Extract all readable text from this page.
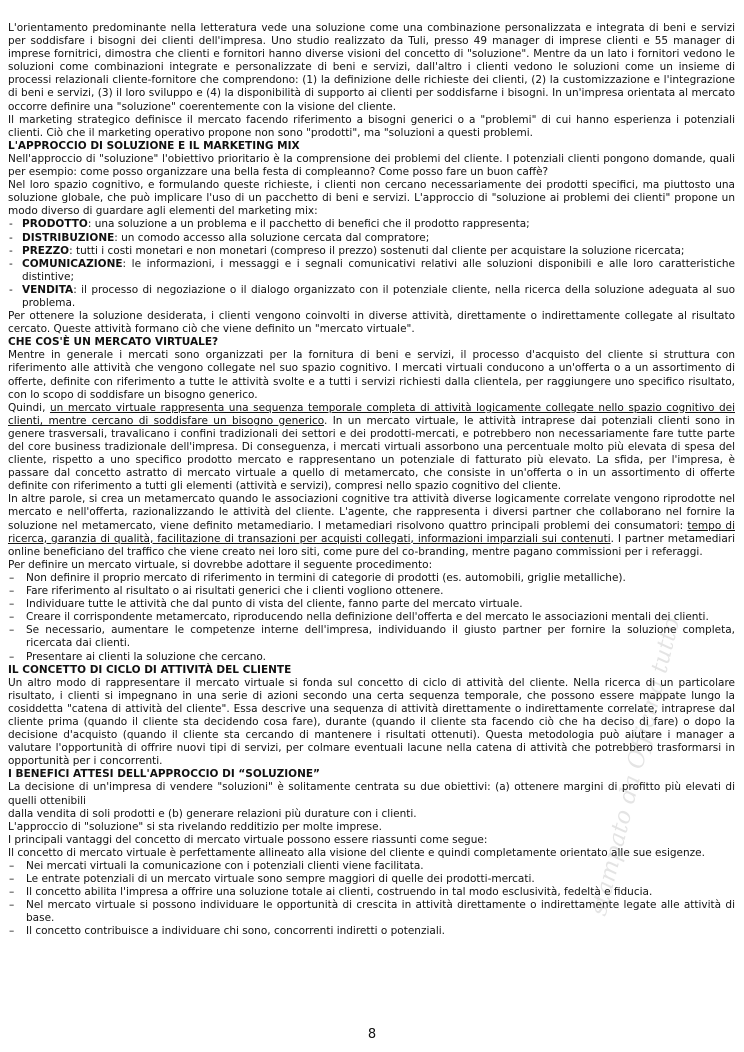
L'orientamento predominante nella letteratura vede una soluzione come una combinazione personalizzata e integrata di beni e servizi per soddisfare i bisogni dei clienti dell'impresa. Uno studio realizzato da Tuli, presso 49 manager di imprese clienti e 55 manager di imprese fornitrici, dimostra che clienti e fornitori hanno diverse visioni del concetto di "soluzione". Mentre da un lato i fornitori vedono le soluzioni come combinazioni integrate e personalizzate di beni e servizi, dall'altro i clienti vedono le soluzioni come un insieme di processi relazionali cliente-fornitore che comprendono: (1) la definizione delle richieste dei clienti, (2) la customizzazione e l'integrazione di beni e servizi, (3) il loro sviluppo e (4) la disponibilità di supporto ai clienti per soddisfarne i bisogni. In un'impresa orientata al mercato occorre definire una "soluzione" coerentemente con la visione del cliente.

Il marketing strategico definisce il mercato facendo riferimento a bisogni generici o a "problemi" di cui hanno esperienza i potenziali clienti. Ciò che il marketing operativo propone non sono "prodotti", ma "soluzioni a questi problemi.

L'APPROCCIO DI SOLUZIONE E IL MARKETING MIX

Nell'approccio di "soluzione" l'obiettivo prioritario è la comprensione dei problemi del cliente. I potenziali clienti pongono domande, quali per esempio: come posso organizzare una bella festa di compleanno? Come posso fare un buon caffè?

Nel loro spazio cognitivo, e formulando queste richieste, i clienti non cercano necessariamente dei prodotti specifici, ma piuttosto una soluzione globale, che può implicare l'uso di un pacchetto di beni e servizi. L'approccio di "soluzione ai problemi dei clienti" propone un modo diverso di guardare agli elementi del marketing mix:

- PRODOTTO: una soluzione a un problema e il pacchetto di benefici che il prodotto rappresenta;

- DISTRIBUZIONE: un comodo accesso alla soluzione cercata dal compratore;

- PREZZO: tutti i costi monetari e non monetari (compreso il prezzo) sostenuti dal cliente per acquistare la soluzione ricercata;

- COMUNICAZIONE: le informazioni, i messaggi e i segnali comunicativi relativi alle soluzioni disponibili e alle loro caratteristiche distintive;

- VENDITA: il processo di negoziazione o il dialogo organizzato con il potenziale cliente, nella ricerca della soluzione adeguata al suo problema.

Per ottenere la soluzione desiderata, i clienti vengono coinvolti in diverse attività, direttamente o indirettamente collegate al risultato cercato. Queste attività formano ciò che viene definito un "mercato virtuale".

CHE COS'È UN MERCATO VIRTUALE?

Mentre in generale i mercati sono organizzati per la fornitura di beni e servizi, il processo d'acquisto del cliente si struttura con riferimento alle attività che vengono collegate nel suo spazio cognitivo. I mercati virtuali conducono a un'offerta o a un assortimento di offerte, definite con riferimento a tutte le attività svolte e a tutti i servizi richiesti dalla clientela, per raggiungere uno specifico risultato, con lo scopo di soddisfare un bisogno generico.

Quindi, un mercato virtuale rappresenta una sequenza temporale completa di attività logicamente collegate nello spazio cognitivo dei clienti, mentre cercano di soddisfare un bisogno generico. In un mercato virtuale, le attività intraprese dai potenziali clienti sono in genere trasversali, travalicano i confini tradizionali dei settori e dei prodotti-mercati, e potrebbero non necessariamente fare tutte parte del core business tradizionale dell'impresa. Di conseguenza, i mercati virtuali assorbono una percentuale molto più elevata di spesa del cliente, rispetto a uno specifico prodotto mercato e rappresentano un potenziale di fatturato più elevato. La sfida, per l'impresa, è passare dal concetto astratto di mercato virtuale a quello di metamercato, che consiste in un'offerta o in un assortimento di offerte definite con riferimento a tutti gli elementi (attività e servizi), compresi nello spazio cognitivo del cliente.

In altre parole, si crea un metamercato quando le associazioni cognitive tra attività diverse logicamente correlate vengono riprodotte nel mercato e nell'offerta, razionalizzando le attività del cliente. L'agente, che rappresenta i diversi partner che collaborano nel fornire la soluzione nel metamercato, viene definito metamediario. I metamediari risolvono quattro principali problemi dei consumatori: tempo di ricerca, garanzia di qualità, facilitazione di transazioni per acquisti collegati, informazioni imparziali sui contenuti. I partner metamediari online beneficiano del traffico che viene creato nei loro siti, come pure del co-branding, mentre pagano commissioni per i referaggi.

Per definire un mercato virtuale, si dovrebbe adottare il seguente procedimento:

– Non definire il proprio mercato di riferimento in termini di categorie di prodotti (es. automobili, griglie metalliche).

– Fare riferimento al risultato o ai risultati generici che i clienti vogliono ottenere.

– Individuare tutte le attività che dal punto di vista del cliente, fanno parte del mercato virtuale.

– Creare il corrispondente metamercato, riproducendo nella definizione dell'offerta e del mercato le associazioni mentali dei clienti.

– Se necessario, aumentare le competenze interne dell'impresa, individuando il giusto partner per fornire la soluzione completa, ricercata dai clienti.

– Presentare ai clienti la soluzione che cercano.

IL CONCETTO DI CICLO DI ATTIVITÀ DEL CLIENTE

Un altro modo di rappresentare il mercato virtuale si fonda sul concetto di ciclo di attività del cliente. Nella ricerca di un particolare risultato, i clienti si impegnano in una serie di azioni secondo una certa sequenza temporale, che possono essere mappate lungo la cosiddetta "catena di attività del cliente". Essa descrive una sequenza di attività direttamente o indirettamente correlate, intraprese dal cliente prima (quando il cliente sta decidendo cosa fare), durante (quando il cliente sta facendo ciò che ha deciso di fare) o dopo la decisione d'acquisto (quando il cliente sta cercando di mantenere i risultati ottenuti). Questa metodologia può aiutare i manager a valutare l'opportunità di offrire nuovi tipi di servizi, per colmare eventuali lacune nella catena di attività che potrebbero trasformarsi in opportunità per i concorrenti.

I BENEFICI ATTESI DELL'APPROCCIO DI “SOLUZIONE”

La decisione di un'impresa di vendere "soluzioni" è solitamente centrata su due obiettivi: (a) ottenere margini di profitto più elevati di quelli ottenibili

dalla vendita di soli prodotti e (b) generare relazioni più durature con i clienti.

L'approccio di "soluzione" si sta rivelando redditizio per molte imprese.

I principali vantaggi del concetto di mercato virtuale possono essere riassunti come segue:

Il concetto di mercato virtuale è perfettamente allineato alla visione del cliente e quindi completamente orientato alle sue esigenze.

– Nei mercati virtuali la comunicazione con i potenziali clienti viene facilitata.

– Le entrate potenziali di un mercato virtuale sono sempre maggiori di quelle dei prodotti-mercati.

– Il concetto abilita l'impresa a offrire una soluzione totale ai clienti, costruendo in tal modo esclusività, fedeltà e fiducia.

– Nel mercato virtuale si possono individuare le opportunità di crescita in attività direttamente o indirettamente legate alle attività di base.

– Il concetto contribuisce a individuare chi sono, concorrenti indiretti o potenziali.

stampato da Officina tutto
8
